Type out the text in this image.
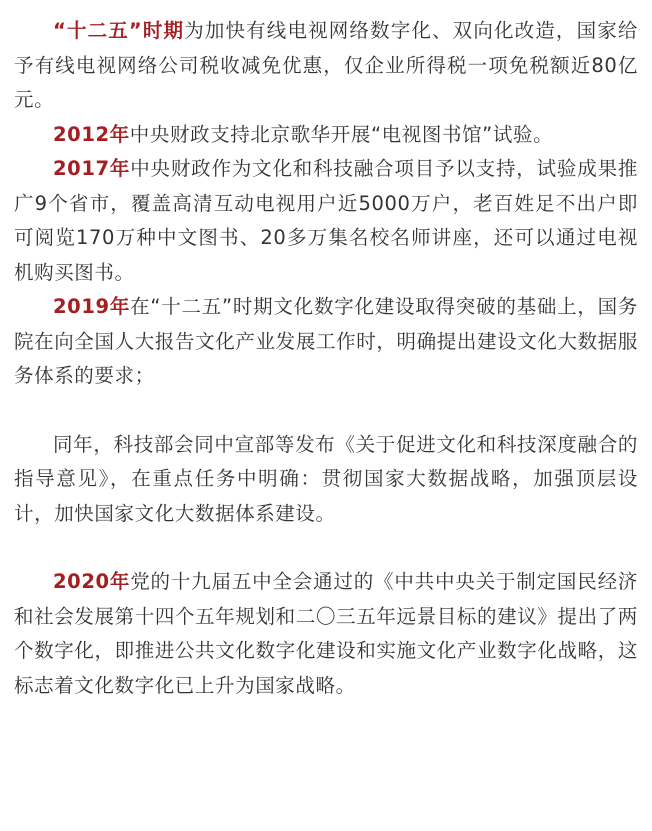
“十二五”时期为加快有线电视网络数字化、双向化改造，国家给予有线电视网络公司税收减免优惠，仅企业所得税一项免税额近80亿元。

2012年中央财政支持北京歌华开展“电视图书馆”试验。

2017年中央财政作为文化和科技融合项目予以支持，试验成果推广9个省市，覆盖高清互动电视用户近5000万户，老百姓足不出户即可阅览170万种中文图书、20多万集名校名师讲座，还可以通过电视机购买图书。

2019年在“十二五”时期文化数字化建设取得突破的基础上，国务院在向全国人大报告文化产业发展工作时，明确提出建设文化大数据服务体系的要求；

同年，科技部会同中宣部等发布《关于促进文化和科技深度融合的指导意见》，在重点任务中明确：贯彻国家大数据战略，加强顶层设计，加快国家文化大数据体系建设。

2020年党的十九届五中全会通过的《中共中央关于制定国民经济和社会发展第十四个五年规划和二〇三五年远景目标的建议》提出了两个数字化，即推进公共文化数字化建设和实施文化产业数字化战略，这标志着文化数字化已上升为国家战略。
